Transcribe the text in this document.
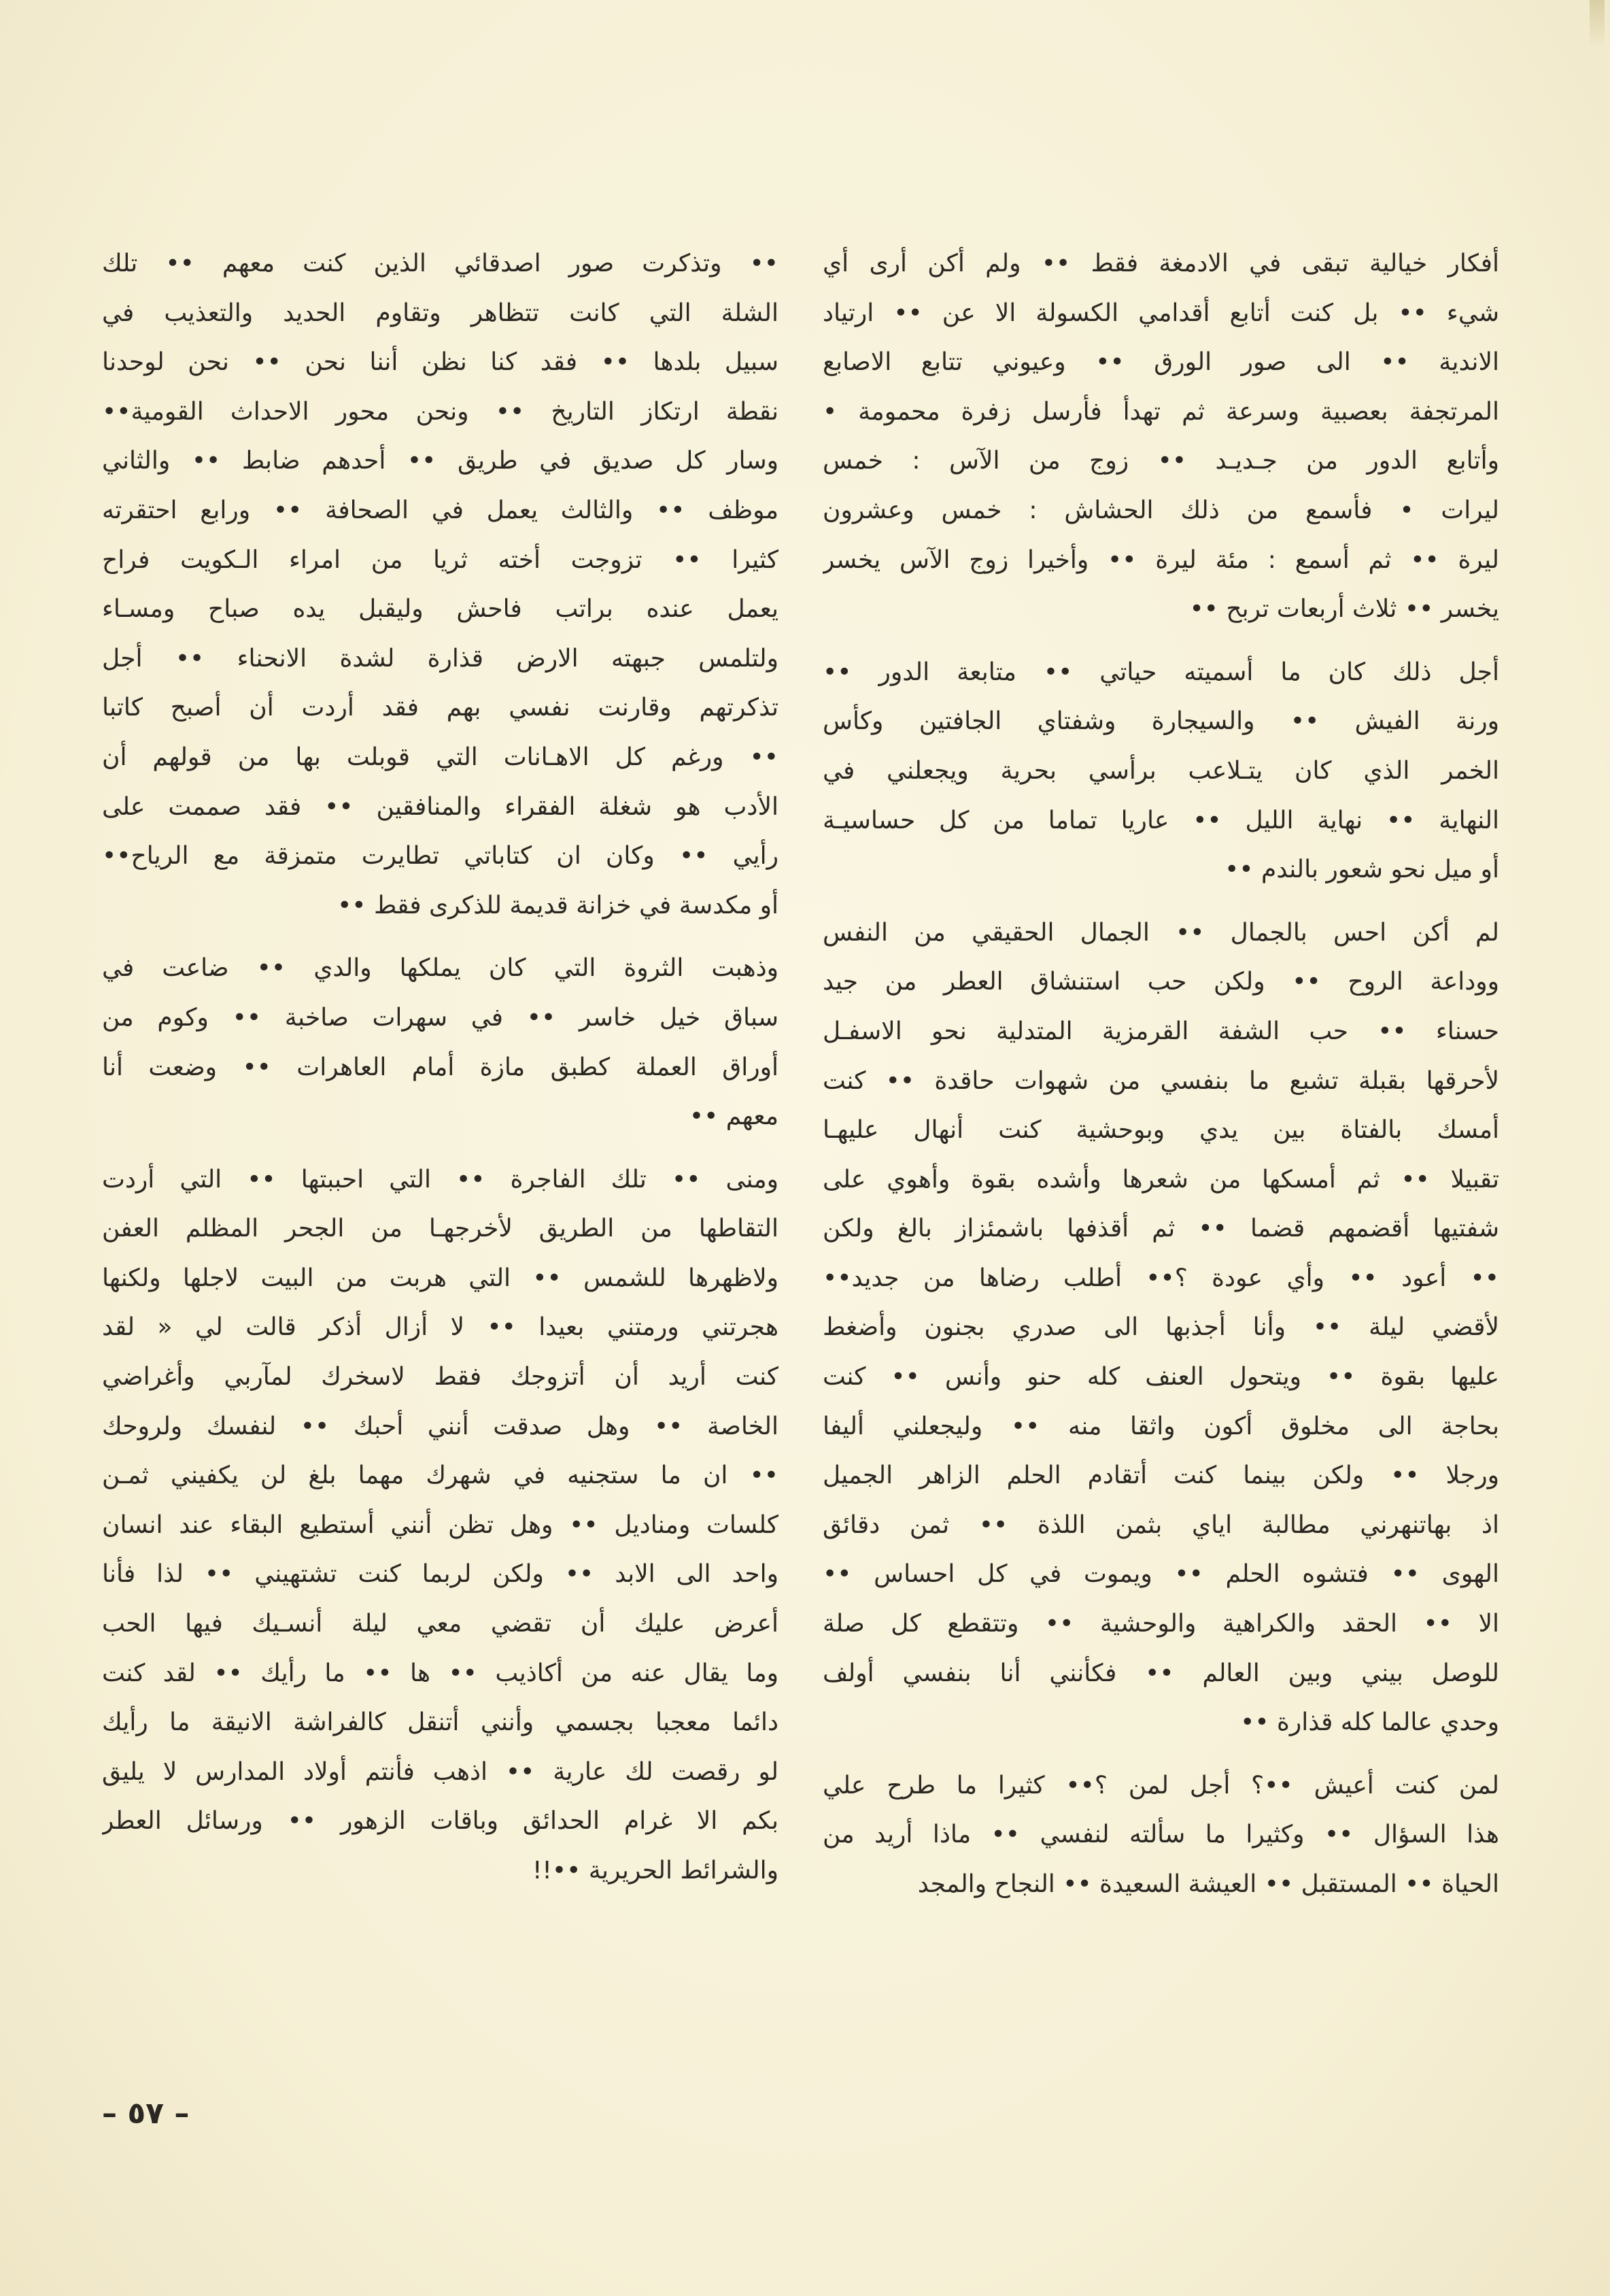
أفكار خيالية تبقى في الادمغة فقط •• ولم أكن أرى أي
شيء •• بل كنت أتابع أقدامي الكسولة الا عن •• ارتياد
الاندية •• الى صور الورق •• وعيوني تتابع الاصابع
المرتجفة بعصبية وسرعة ثم تهدأ فأرسل زفرة محمومة •
وأتابع الدور من جـديـد •• زوج من الآس : خمس
ليرات • فأسمع من ذلك الحشاش : خمس وعشرون
ليرة •• ثم أسمع : مئة ليرة •• وأخيرا زوج الآس يخسر
يخسر •• ثلاث أربعات تربح ••
أجل ذلك كان ما أسميته حياتي •• متابعة الدور ••
ورنة الفيش •• والسيجارة وشفتاي الجافتين وكأس
الخمر الذي كان يتـلاعب برأسي بحرية ويجعلني في
النهاية •• نهاية الليل •• عاريا تماما من كل حساسيـة
أو ميل نحو شعور بالندم ••
لم أكن احس بالجمال •• الجمال الحقيقي من النفس
ووداعة الروح •• ولكن حب استنشاق العطر من جيد
حسناء •• حب الشفة القرمزية المتدلية نحو الاسفـل
لأحرقها بقبلة تشبع ما بنفسي من شهوات حاقدة •• كنت
أمسك بالفتاة بين يدي وبوحشية كنت أنهال عليهـا
تقبيلا •• ثم أمسكها من شعرها وأشده بقوة وأهوي على
شفتيها أقضمهم قضما •• ثم أقذفها باشمئزاز بالغ ولكن
•• أعود •• وأي عودة ؟•• أطلب رضاها من جديد••
لأقضي ليلة •• وأنا أجذبها الى صدري بجنون وأضغط
عليها بقوة •• ويتحول العنف كله حنو وأنس •• كنت
بحاجة الى مخلوق أكون واثقا منه •• وليجعلني أليفا
ورجلا •• ولكن بينما كنت أتقادم الحلم الزاهر الجميل
اذ بهاتنهرني مطالبة اياي بثمن اللذة •• ثمن دقائق
الهوى •• فتشوه الحلم •• ويموت في كل احساس ••
الا •• الحقد والكراهية والوحشية •• وتتقطع كل صلة
للوصل بيني وبين العالم •• فكأنني أنا بنفسي أولف
وحدي عالما كله قذارة ••
لمن كنت أعيش ••؟ أجل لمن ؟•• كثيرا ما طرح علي
هذا السؤال •• وكثيرا ما سألته لنفسي •• ماذا أريد من
الحياة •• المستقبل •• العيشة السعيدة •• النجاح والمجد
•• وتذكرت صور اصدقائي الذين كنت معهم •• تلك
الشلة التي كانت تتظاهر وتقاوم الحديد والتعذيب في
سبيل بلدها •• فقد كنا نظن أننا نحن •• نحن لوحدنا
نقطة ارتكاز التاريخ •• ونحن محور الاحداث القومية••
وسار كل صديق في طريق •• أحدهم ضابط •• والثاني
موظف •• والثالث يعمل في الصحافة •• ورابع احتقرته
كثيرا •• تزوجت أخته ثريا من امراء الـكويت فراح
يعمل عنده براتب فاحش وليقبل يده صباح ومسـاء
ولتلمس جبهته الارض قذارة لشدة الانحناء •• أجل
تذكرتهم وقارنت نفسي بهم فقد أردت أن أصبح كاتبا
•• ورغم كل الاهـانات التي قوبلت بها من قولهم أن
الأدب هو شغلة الفقراء والمنافقين •• فقد صممت على
رأيي •• وكان ان كتاباتي تطايرت متمزقة مع الرياح••
أو مكدسة في خزانة قديمة للذكرى فقط ••
وذهبت الثروة التي كان يملكها والدي •• ضاعت في
سباق خيل خاسر •• في سهرات صاخبة •• وكوم من
أوراق العملة كطبق مازة أمام العاهرات •• وضعت أنا
معهم ••
ومنى •• تلك الفاجرة •• التي احببتها •• التي أردت
التقاطها من الطريق لأخرجهـا من الجحر المظلم العفن
ولاظهرها للشمس •• التي هربت من البيت لاجلها ولكنها
هجرتني ورمتني بعيدا •• لا أزال أذكر قالت لي « لقد
كنت أريد أن أتزوجك فقط لاسخرك لمآربي وأغراضي
الخاصة •• وهل صدقت أنني أحبك •• لنفسك ولروحك
•• ان ما ستجنيه في شهرك مهما بلغ لن يكفيني ثمـن
كلسات ومناديل •• وهل تظن أنني أستطيع البقاء عند انسان
واحد الى الابد •• ولكن لربما كنت تشتهيني •• لذا فأنا
أعرض عليك أن تقضي معي ليلة أنسـيك فيها الحب
وما يقال عنه من أكاذيب •• ها •• ما رأيك •• لقد كنت
دائما معجبا بجسمي وأنني أتنقل كالفراشة الانيقة ما رأيك
لو رقصت لك عارية •• اذهب فأنتم أولاد المدارس لا يليق
بكم الا غرام الحدائق وباقات الزهور •• ورسائل العطر
والشرائط الحريرية ••!!
– ٥٧ –
